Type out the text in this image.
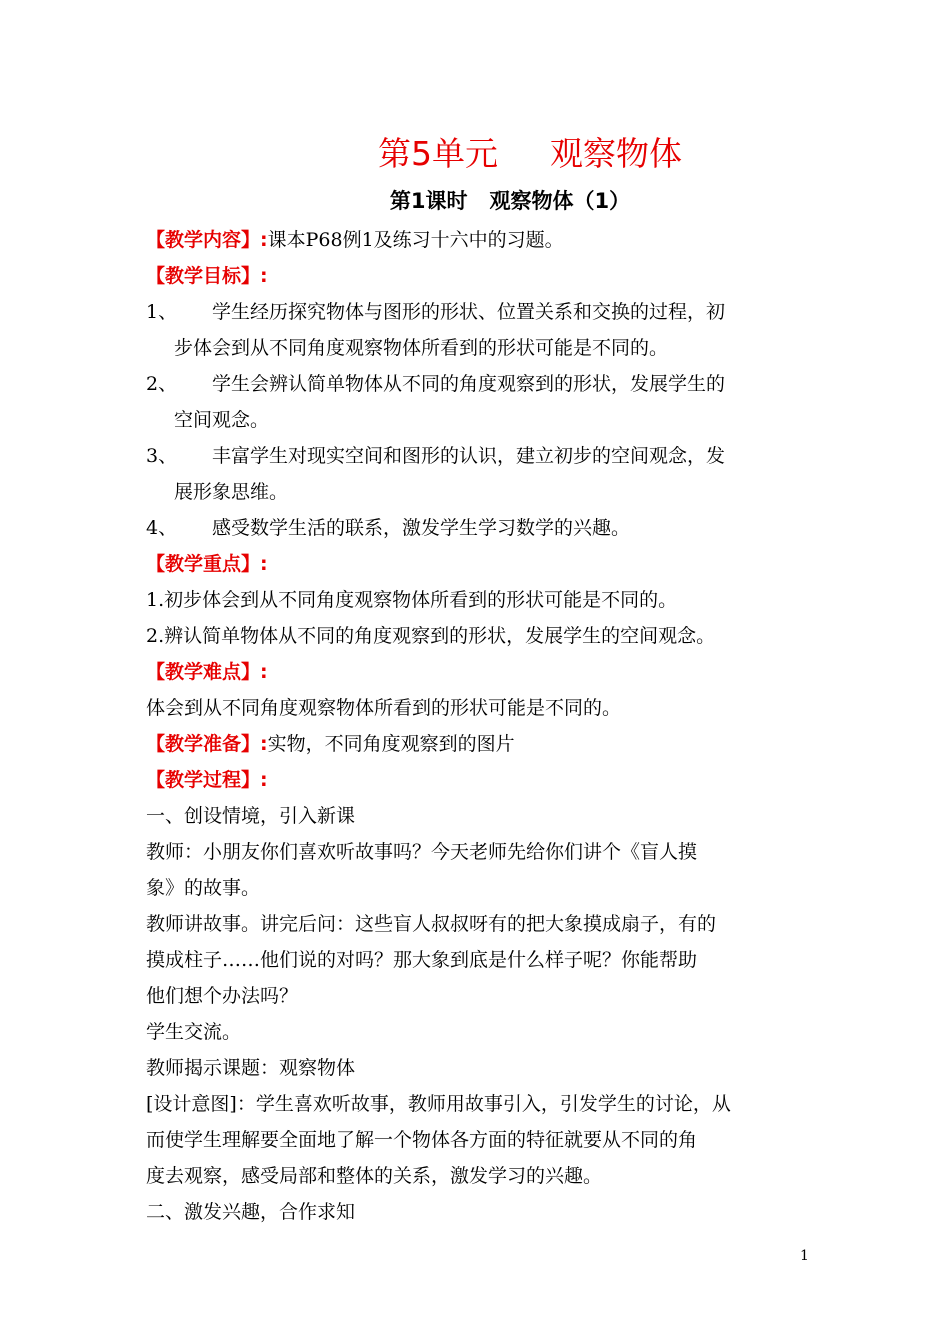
第5单元 观察物体
第1课时 观察物体（1）
【教学内容】:课本P68例1及练习十六中的习题。
【教学目标】:
1、 学生经历探究物体与图形的形状、位置关系和交换的过程，初
步体会到从不同角度观察物体所看到的形状可能是不同的。
2、 学生会辨认简单物体从不同的角度观察到的形状，发展学生的
空间观念。
3、 丰富学生对现实空间和图形的认识，建立初步的空间观念，发
展形象思维。
4、 感受数学生活的联系，激发学生学习数学的兴趣。
【教学重点】:
1.初步体会到从不同角度观察物体所看到的形状可能是不同的。
2.辨认简单物体从不同的角度观察到的形状，发展学生的空间观念。
【教学难点】:
体会到从不同角度观察物体所看到的形状可能是不同的。
【教学准备】:实物，不同角度观察到的图片
【教学过程】:
一、创设情境，引入新课
教师：小朋友你们喜欢听故事吗？今天老师先给你们讲个《盲人摸
象》的故事。
教师讲故事。讲完后问：这些盲人叔叔呀有的把大象摸成扇子，有的
摸成柱子……他们说的对吗？那大象到底是什么样子呢？你能帮助
他们想个办法吗？
学生交流。
教师揭示课题：观察物体
[设计意图]：学生喜欢听故事，教师用故事引入，引发学生的讨论，从
而使学生理解要全面地了解一个物体各方面的特征就要从不同的角
度去观察，感受局部和整体的关系，激发学习的兴趣。
二、激发兴趣，合作求知
1
